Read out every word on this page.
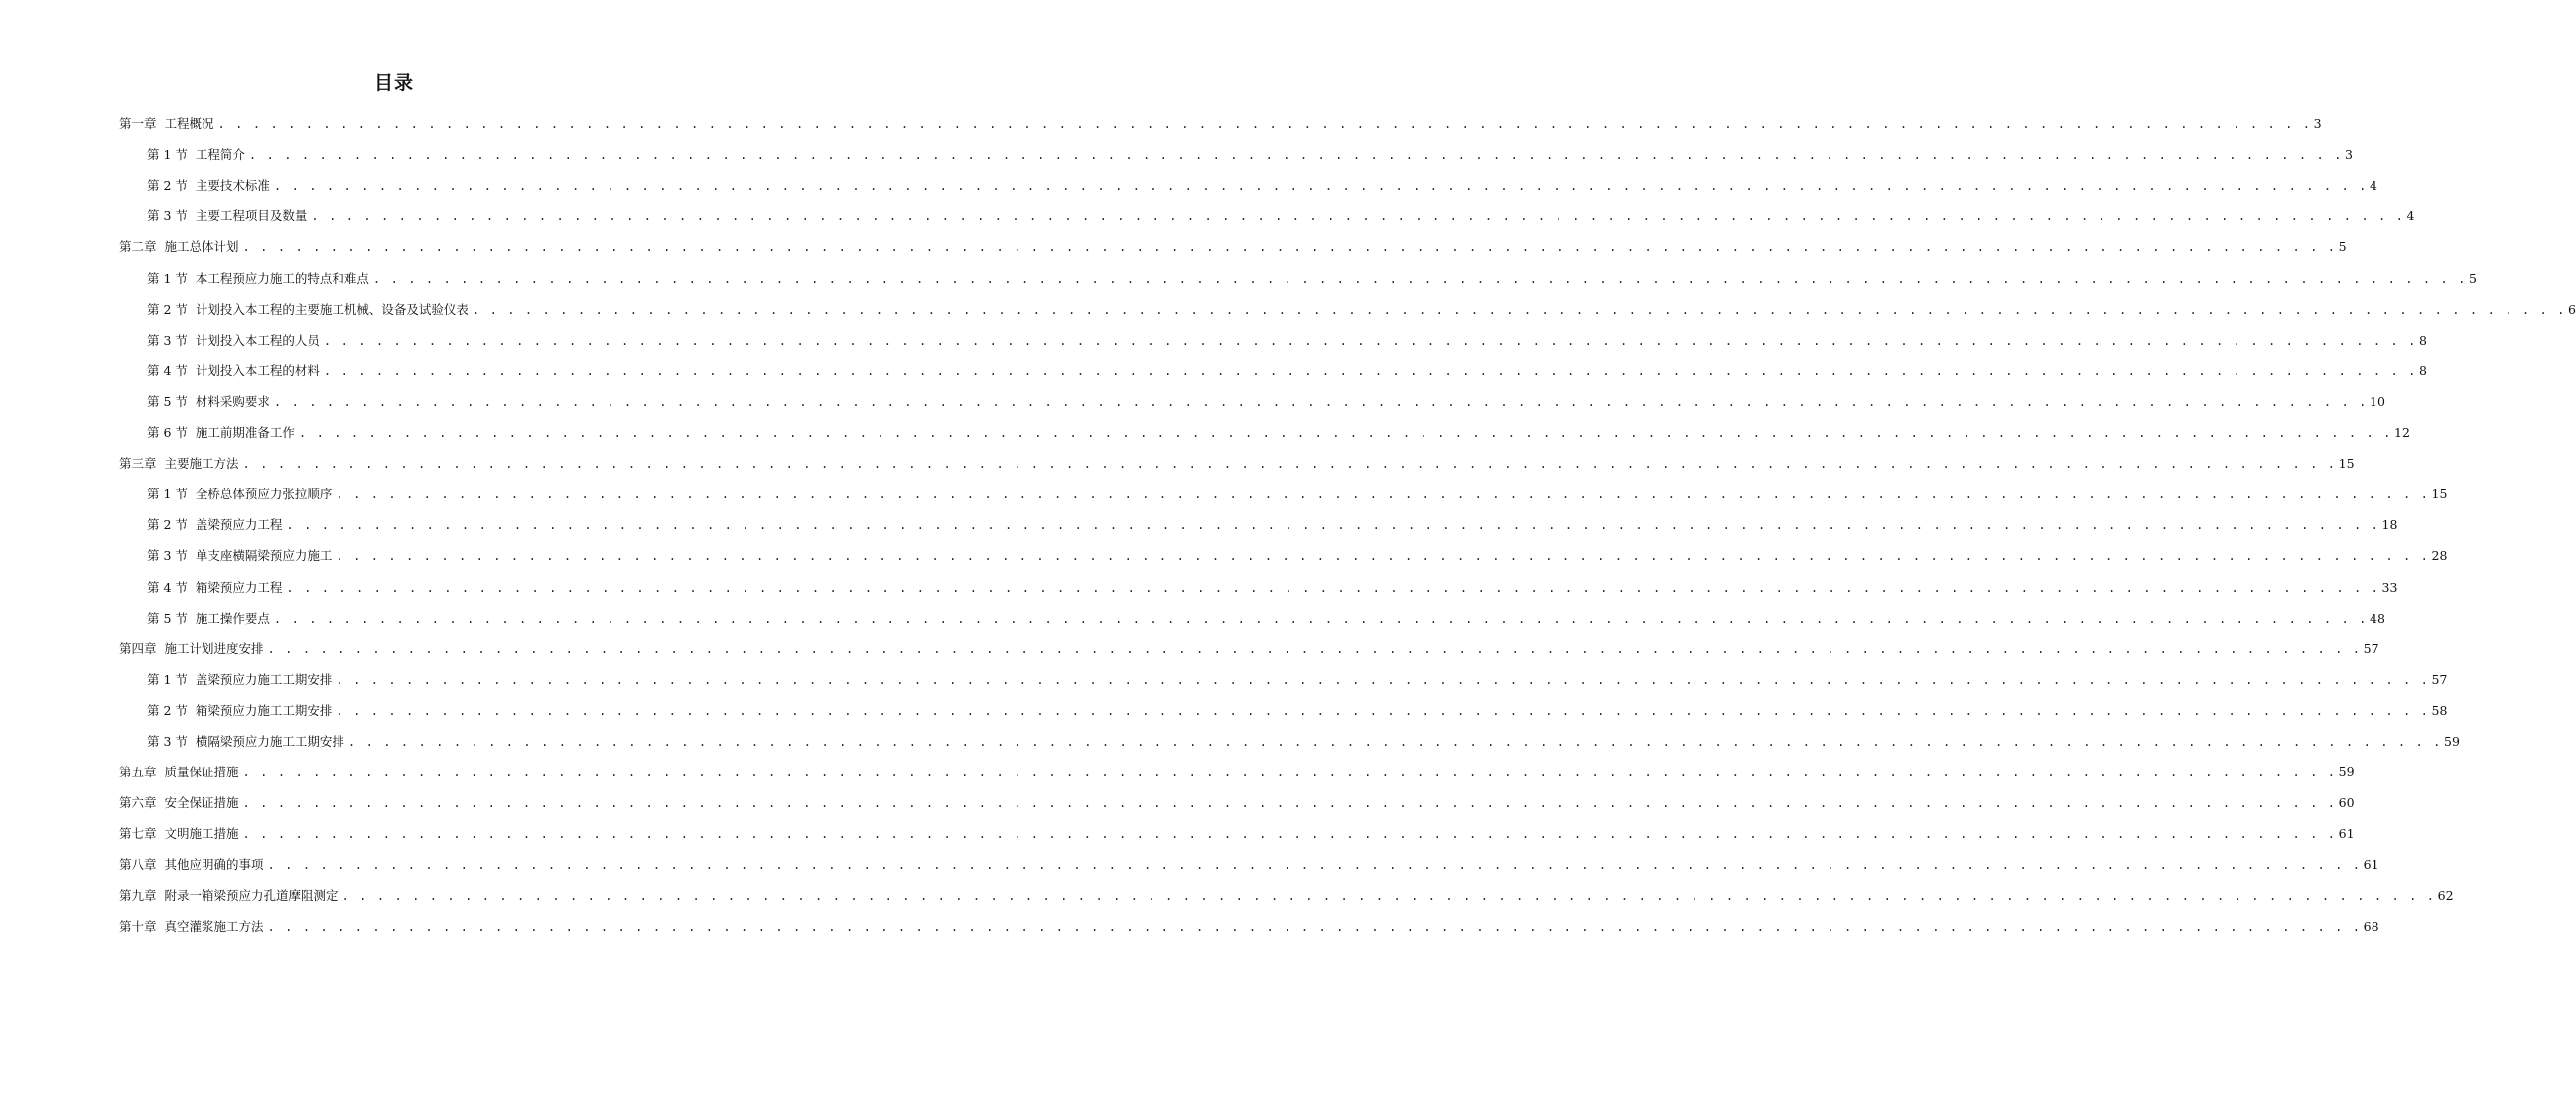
目录
第一章 工程概况 . . . . . . . . . . . . . . . . . . . . . . . . . . . . . . . . . . . . . . . . . . . . . . . . . . . . . . . . . . . . . . . . . . . . . . . . . . . . . . . . . . . . . . . . . . . . . . . . . . . . . . . . . . . . . . . . . . . . . . . . 3
第 1 节 工程简介 . . . . . . . . . . . . . . . . . . . . . . . . . . . . . . . . . . . . . . . . . . . . . . . . . . . . . . . . . . . . . . . . . . . . . . . . . . . . . . . . . . . . . . . . . . . . . . . . . . . . . . . . . . . . . . . . . . . . . . . . 3
第 2 节 主要技术标准 . . . . . . . . . . . . . . . . . . . . . . . . . . . . . . . . . . . . . . . . . . . . . . . . . . . . . . . . . . . . . . . . . . . . . . . . . . . . . . . . . . . . . . . . . . . . . . . . . . . . . . . . . . . . . . . . . . . . . . . . 4
第 3 节 主要工程项目及数量 . . . . . . . . . . . . . . . . . . . . . . . . . . . . . . . . . . . . . . . . . . . . . . . . . . . . . . . . . . . . . . . . . . . . . . . . . . . . . . . . . . . . . . . . . . . . . . . . . . . . . . . . . . . . . . . . . . . . . . . . 4
第二章 施工总体计划 . . . . . . . . . . . . . . . . . . . . . . . . . . . . . . . . . . . . . . . . . . . . . . . . . . . . . . . . . . . . . . . . . . . . . . . . . . . . . . . . . . . . . . . . . . . . . . . . . . . . . . . . . . . . . . . . . . . . . . . . 5
第 1 节 本工程预应力施工的特点和难点 . . . . . . . . . . . . . . . . . . . . . . . . . . . . . . . . . . . . . . . . . . . . . . . . . . . . . . . . . . . . . . . . . . . . . . . . . . . . . . . . . . . . . . . . . . . . . . . . . . . . . . . . . . . . . . . . . . . . . . . . 5
第 2 节 计划投入本工程的主要施工机械、设备及试验仪表 . . . . . . . . . . . . . . . . . . . . . . . . . . . . . . . . . . . . . . . . . . . . . . . . . . . . . . . . . . . . . . . . . . . . . . . . . . . . . . . . . . . . . . . . . . . . . . . . . . . . . . . . . . . . . . . . . . . . . . . . 6
第 3 节 计划投入本工程的人员 . . . . . . . . . . . . . . . . . . . . . . . . . . . . . . . . . . . . . . . . . . . . . . . . . . . . . . . . . . . . . . . . . . . . . . . . . . . . . . . . . . . . . . . . . . . . . . . . . . . . . . . . . . . . . . . . . . . . . . . . 8
第 4 节 计划投入本工程的材料 . . . . . . . . . . . . . . . . . . . . . . . . . . . . . . . . . . . . . . . . . . . . . . . . . . . . . . . . . . . . . . . . . . . . . . . . . . . . . . . . . . . . . . . . . . . . . . . . . . . . . . . . . . . . . . . . . . . . . . . . 8
第 5 节 材料采购要求 . . . . . . . . . . . . . . . . . . . . . . . . . . . . . . . . . . . . . . . . . . . . . . . . . . . . . . . . . . . . . . . . . . . . . . . . . . . . . . . . . . . . . . . . . . . . . . . . . . . . . . . . . . . . . . . . . . . . . . . . 10
第 6 节 施工前期准备工作 . . . . . . . . . . . . . . . . . . . . . . . . . . . . . . . . . . . . . . . . . . . . . . . . . . . . . . . . . . . . . . . . . . . . . . . . . . . . . . . . . . . . . . . . . . . . . . . . . . . . . . . . . . . . . . . . . . . . . . . . 12
第三章 主要施工方法 . . . . . . . . . . . . . . . . . . . . . . . . . . . . . . . . . . . . . . . . . . . . . . . . . . . . . . . . . . . . . . . . . . . . . . . . . . . . . . . . . . . . . . . . . . . . . . . . . . . . . . . . . . . . . . . . . . . . . . . . 15
第 1 节 全桥总体预应力张拉顺序 . . . . . . . . . . . . . . . . . . . . . . . . . . . . . . . . . . . . . . . . . . . . . . . . . . . . . . . . . . . . . . . . . . . . . . . . . . . . . . . . . . . . . . . . . . . . . . . . . . . . . . . . . . . . . . . . . . . . . . . . 15
第 2 节 盖梁预应力工程 . . . . . . . . . . . . . . . . . . . . . . . . . . . . . . . . . . . . . . . . . . . . . . . . . . . . . . . . . . . . . . . . . . . . . . . . . . . . . . . . . . . . . . . . . . . . . . . . . . . . . . . . . . . . . . . . . . . . . . . . 18
第 3 节 单支座横隔梁预应力施工 . . . . . . . . . . . . . . . . . . . . . . . . . . . . . . . . . . . . . . . . . . . . . . . . . . . . . . . . . . . . . . . . . . . . . . . . . . . . . . . . . . . . . . . . . . . . . . . . . . . . . . . . . . . . . . . . . . . . . . . . 28
第 4 节 箱梁预应力工程 . . . . . . . . . . . . . . . . . . . . . . . . . . . . . . . . . . . . . . . . . . . . . . . . . . . . . . . . . . . . . . . . . . . . . . . . . . . . . . . . . . . . . . . . . . . . . . . . . . . . . . . . . . . . . . . . . . . . . . . . 33
第 5 节 施工操作要点 . . . . . . . . . . . . . . . . . . . . . . . . . . . . . . . . . . . . . . . . . . . . . . . . . . . . . . . . . . . . . . . . . . . . . . . . . . . . . . . . . . . . . . . . . . . . . . . . . . . . . . . . . . . . . . . . . . . . . . . . 48
第四章 施工计划进度安排 . . . . . . . . . . . . . . . . . . . . . . . . . . . . . . . . . . . . . . . . . . . . . . . . . . . . . . . . . . . . . . . . . . . . . . . . . . . . . . . . . . . . . . . . . . . . . . . . . . . . . . . . . . . . . . . . . . . . . . . . 57
第 1 节 盖梁预应力施工工期安排 . . . . . . . . . . . . . . . . . . . . . . . . . . . . . . . . . . . . . . . . . . . . . . . . . . . . . . . . . . . . . . . . . . . . . . . . . . . . . . . . . . . . . . . . . . . . . . . . . . . . . . . . . . . . . . . . . . . . . . . . 57
第 2 节 箱梁预应力施工工期安排 . . . . . . . . . . . . . . . . . . . . . . . . . . . . . . . . . . . . . . . . . . . . . . . . . . . . . . . . . . . . . . . . . . . . . . . . . . . . . . . . . . . . . . . . . . . . . . . . . . . . . . . . . . . . . . . . . . . . . . . . 58
第 3 节 横隔梁预应力施工工期安排 . . . . . . . . . . . . . . . . . . . . . . . . . . . . . . . . . . . . . . . . . . . . . . . . . . . . . . . . . . . . . . . . . . . . . . . . . . . . . . . . . . . . . . . . . . . . . . . . . . . . . . . . . . . . . . . . . . . . . . . . 59
第五章 质量保证措施 . . . . . . . . . . . . . . . . . . . . . . . . . . . . . . . . . . . . . . . . . . . . . . . . . . . . . . . . . . . . . . . . . . . . . . . . . . . . . . . . . . . . . . . . . . . . . . . . . . . . . . . . . . . . . . . . . . . . . . . . 59
第六章 安全保证措施 . . . . . . . . . . . . . . . . . . . . . . . . . . . . . . . . . . . . . . . . . . . . . . . . . . . . . . . . . . . . . . . . . . . . . . . . . . . . . . . . . . . . . . . . . . . . . . . . . . . . . . . . . . . . . . . . . . . . . . . . 60
第七章 文明施工措施 . . . . . . . . . . . . . . . . . . . . . . . . . . . . . . . . . . . . . . . . . . . . . . . . . . . . . . . . . . . . . . . . . . . . . . . . . . . . . . . . . . . . . . . . . . . . . . . . . . . . . . . . . . . . . . . . . . . . . . . . 61
第八章 其他应明确的事项 . . . . . . . . . . . . . . . . . . . . . . . . . . . . . . . . . . . . . . . . . . . . . . . . . . . . . . . . . . . . . . . . . . . . . . . . . . . . . . . . . . . . . . . . . . . . . . . . . . . . . . . . . . . . . . . . . . . . . . . . 61
第九章 附录一箱梁预应力孔道摩阻测定 . . . . . . . . . . . . . . . . . . . . . . . . . . . . . . . . . . . . . . . . . . . . . . . . . . . . . . . . . . . . . . . . . . . . . . . . . . . . . . . . . . . . . . . . . . . . . . . . . . . . . . . . . . . . . . . . . . . . . . . . 62
第十章 真空灌浆施工方法 . . . . . . . . . . . . . . . . . . . . . . . . . . . . . . . . . . . . . . . . . . . . . . . . . . . . . . . . . . . . . . . . . . . . . . . . . . . . . . . . . . . . . . . . . . . . . . . . . . . . . . . . . . . . . . . . . . . . . . . . 68
